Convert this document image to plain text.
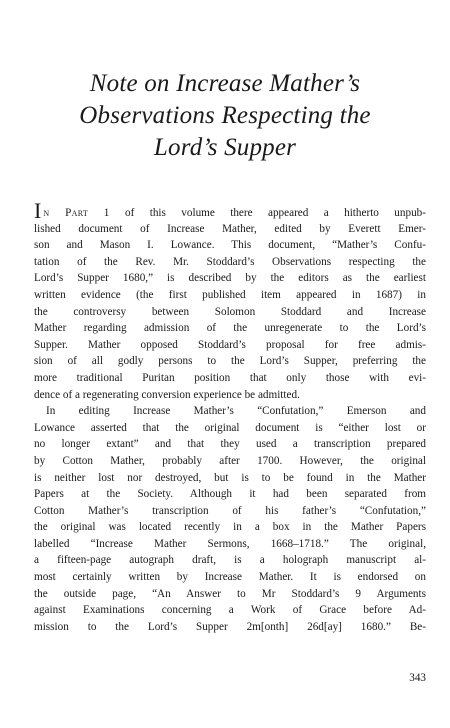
Note on Increase Mather’s
Observations Respecting the
Lord’s Supper
In Part 1 of this volume there appeared a hitherto unpub-
lished document of Increase Mather, edited by Everett Emer-
son and Mason I. Lowance. This document, “Mather’s Confu-
tation of the Rev. Mr. Stoddard’s Observations respecting the
Lord’s Supper 1680,” is described by the editors as the earliest
written evidence (the first published item appeared in 1687) in
the controversy between Solomon Stoddard and Increase
Mather regarding admission of the unregenerate to the Lord’s
Supper. Mather opposed Stoddard’s proposal for free admis-
sion of all godly persons to the Lord’s Supper, preferring the
more traditional Puritan position that only those with evi-
dence of a regenerating conversion experience be admitted.
In editing Increase Mather’s “Confutation,” Emerson and
Lowance asserted that the original document is “either lost or
no longer extant” and that they used a transcription prepared
by Cotton Mather, probably after 1700. However, the original
is neither lost nor destroyed, but is to be found in the Mather
Papers at the Society. Although it had been separated from
Cotton Mather’s transcription of his father’s “Confutation,”
the original was located recently in a box in the Mather Papers
labelled “Increase Mather Sermons, 1668–1718.” The original,
a fifteen-page autograph draft, is a holograph manuscript al-
most certainly written by Increase Mather. It is endorsed on
the outside page, “An Answer to Mr Stoddard’s 9 Arguments
against Examinations concerning a Work of Grace before Ad-
mission to the Lord’s Supper 2m[onth] 26d[ay] 1680.” Be-
343
